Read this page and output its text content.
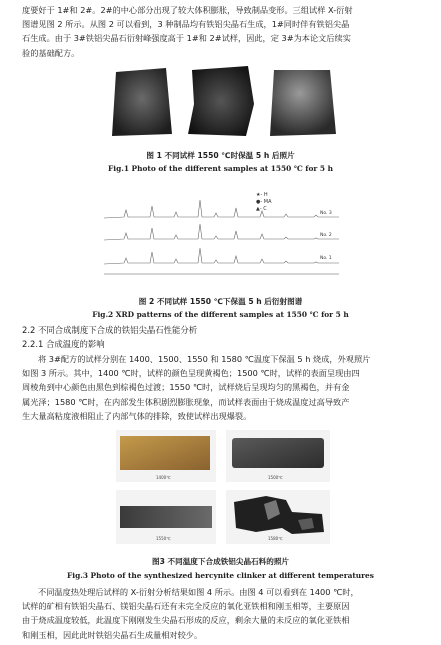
度要好于 1#和 2#。2#的中心部分出现了较大体积膨胀，导致制品变形。三组试样 X-衍射
图谱见图 2 所示。从图 2 可以看到，3 种制品均有铁铝尖晶石生成，1#同时伴有铁铝尖晶
石生成。由于 3#铁铝尖晶石衍射峰强度高于 1#和 2#试样，因此，定 3#为本论文后续实
验的基础配方。
图 1 不同试样 1550 ℃时保温 5 h 后照片
Fig.1 Photo of the different samples at 1550 ℃ for 5 h
★- H
●- MA
▲- C
No. 3
No. 2
No. 1
图 2 不同试样 1550 ℃下保温 5 h 后衍射图谱
Fig.2 XRD patterns of the different samples at 1550 ℃ for 5 h
2.2 不同合成制度下合成的铁铝尖晶石性能分析
2.2.1 合成温度的影响
将 3#配方的试样分别在 1400、1500、1550 和 1580 ℃温度下保温 5 h 烧成，外观照片
如图 3 所示。其中，1400 ℃时，试样的颜色呈现黄褐色；1500 ℃时，试样的表面呈现由四
周棱角到中心颜色由黑色到棕褐色过渡；1550 ℃时，试样烧后呈现均匀的黑褐色，并有金
属光泽；1580 ℃时，在内部发生体积剧烈膨胀现象，而试样表面由于烧成温度过高导致产
生大量高粘度液相阻止了内部气体的排除，致使试样出现爆裂。
1400℃	1500℃
1550℃	1580℃
图3 不同温度下合成铁铝尖晶石料的照片
Fig.3 Photo of the synthesized hercynite clinker at different temperatures
不同温度热处理后试样的 X-衍射分析结果如图 4 所示。由图 4 可以看到在 1400 ℃时，
试样的矿相有铁铝尖晶石、镁铝尖晶石还有未完全反应的氧化亚铁相和刚玉相等，主要原因
由于烧成温度较低，此温度下刚刚发生尖晶石形成的反应，剩余大量的未反应的氧化亚铁相
和刚玉相，因此此时铁铝尖晶石生成量相对较少。
